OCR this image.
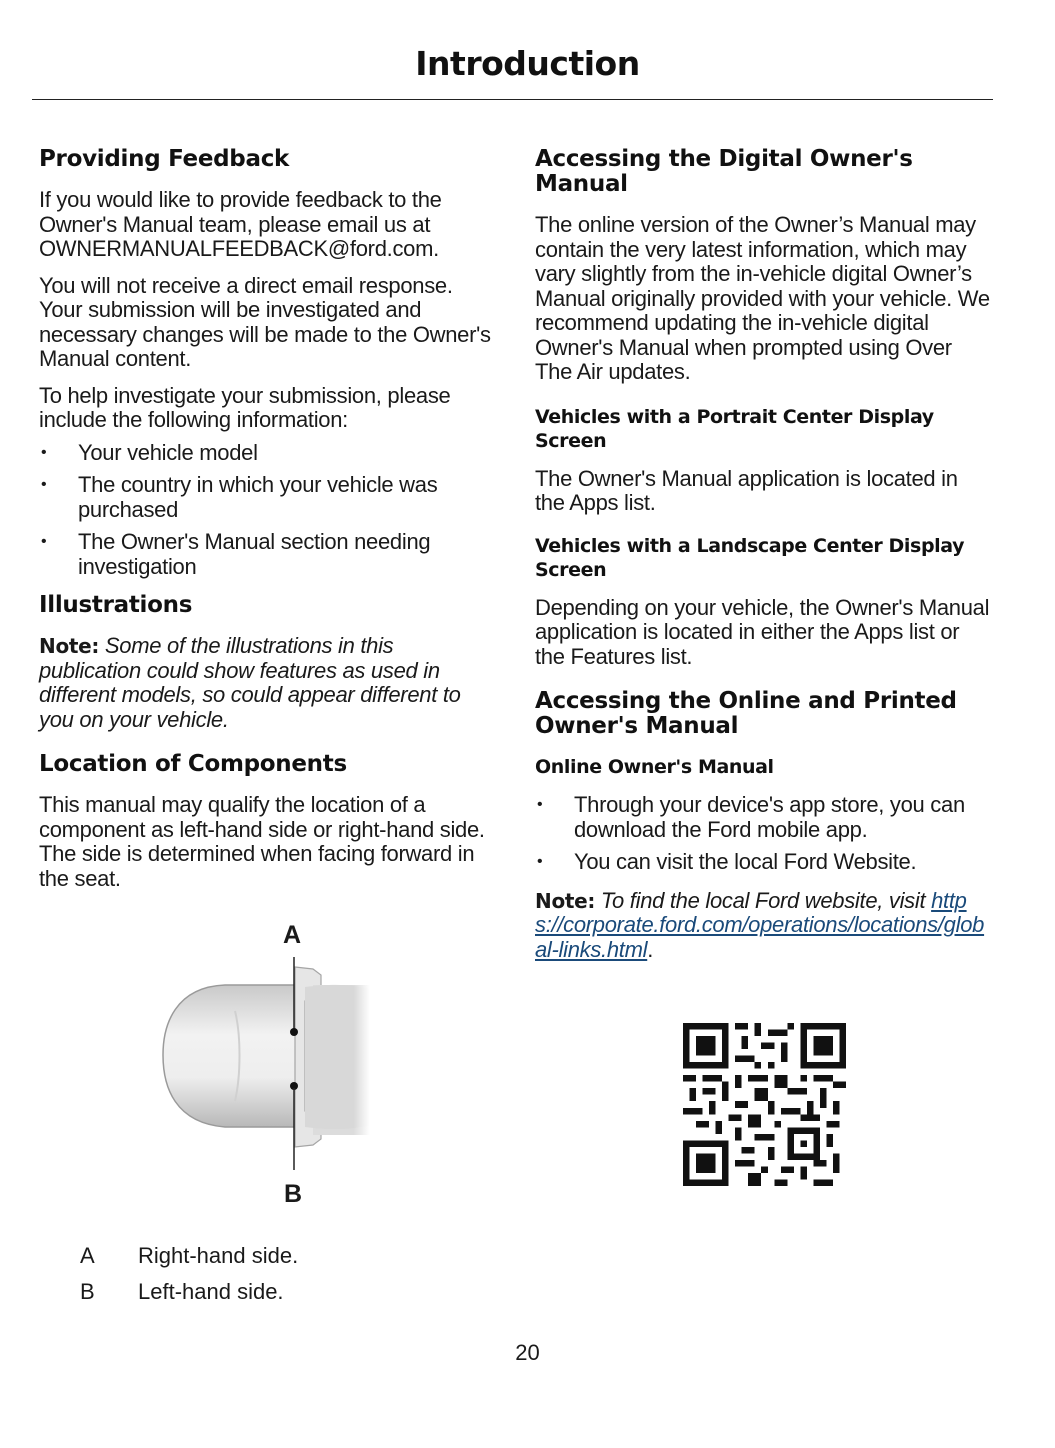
Introduction
Providing Feedback

If you would like to provide feedback to the Owner's Manual team, please email us at OWNERMANUALFEEDBACK@ford.com.

You will not receive a direct email response. Your submission will be investigated and necessary changes will be made to the Owner's Manual content.

To help investigate your submission, please include the following information:

• Your vehicle model
• The country in which your vehicle was purchased
• The Owner's Manual section needing investigation
Illustrations

Note: Some of the illustrations in this publication could show features as used in different models, so could appear different to you on your vehicle.

Location of Components

This manual may qualify the location of a component as left-hand side or right-hand side. The side is determined when facing forward in the seat.

A
B
A	Right-hand side.
B	Left-hand side.
Accessing the Digital Owner's Manual

The online version of the Owner’s Manual may contain the very latest information, which may vary slightly from the in-vehicle digital Owner’s Manual originally provided with your vehicle. We recommend updating the in-vehicle digital Owner's Manual when prompted using Over The Air updates.

Vehicles with a Portrait Center Display Screen

The Owner's Manual application is located in the Apps list.

Vehicles with a Landscape Center Display Screen

Depending on your vehicle, the Owner's Manual application is located in either the Apps list or the Features list.

Accessing the Online and Printed Owner's Manual
Online Owner's Manual
• Through your device's app store, you can download the Ford mobile app.
• You can visit the local Ford Website.

Note: To find the local Ford website, visit https://corporate.ford.com/operations/locations/global-links.html.

20
